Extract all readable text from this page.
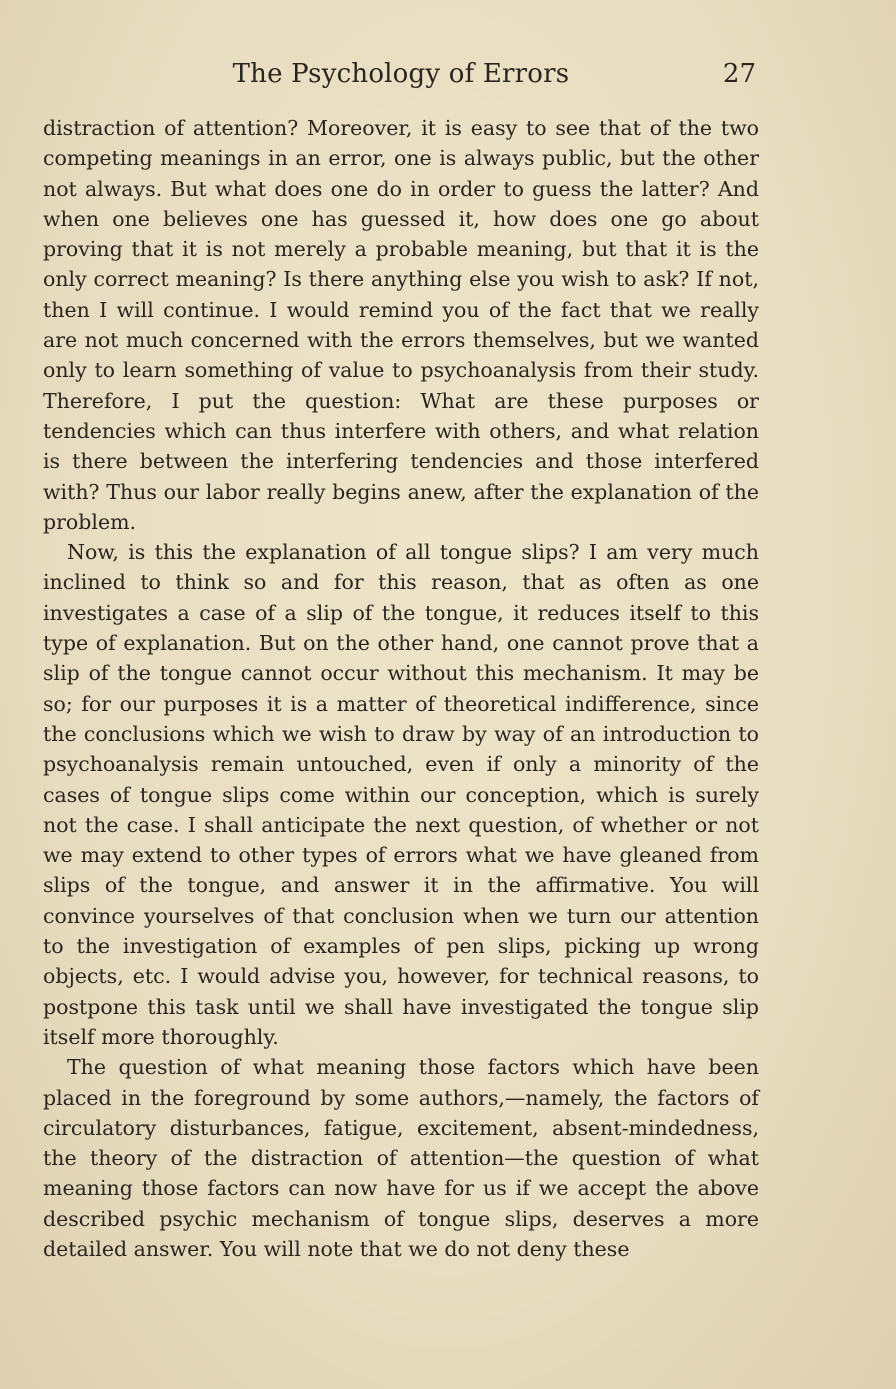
The Psychology of Errors	27

distraction of attention? Moreover, it is easy to see that of the two competing meanings in an error, one is always public, but the other not always. But what does one do in order to guess the latter? And when one believes one has guessed it, how does one go about proving that it is not merely a probable meaning, but that it is the only correct meaning? Is there anything else you wish to ask? If not, then I will continue. I would remind you of the fact that we really are not much concerned with the errors themselves, but we wanted only to learn something of value to psychoanalysis from their study. Therefore, I put the question: What are these purposes or tendencies which can thus interfere with others, and what relation is there between the interfering tendencies and those interfered with? Thus our labor really begins anew, after the explanation of the problem.

Now, is this the explanation of all tongue slips? I am very much inclined to think so and for this reason, that as often as one investigates a case of a slip of the tongue, it reduces itself to this type of explanation. But on the other hand, one cannot prove that a slip of the tongue cannot occur without this mechanism. It may be so; for our purposes it is a matter of theoretical indifference, since the conclusions which we wish to draw by way of an introduction to psychoanalysis remain untouched, even if only a minority of the cases of tongue slips come within our conception, which is surely not the case. I shall anticipate the next question, of whether or not we may extend to other types of errors what we have gleaned from slips of the tongue, and answer it in the affirmative. You will convince yourselves of that conclusion when we turn our attention to the investigation of examples of pen slips, picking up wrong objects, etc. I would advise you, however, for technical reasons, to postpone this task until we shall have investigated the tongue slip itself more thoroughly.

The question of what meaning those factors which have been placed in the foreground by some authors,—namely, the factors of circulatory disturbances, fatigue, excitement, absent-mindedness, the theory of the distraction of attention—the question of what meaning those factors can now have for us if we accept the above described psychic mechanism of tongue slips, deserves a more detailed answer. You will note that we do not deny these
